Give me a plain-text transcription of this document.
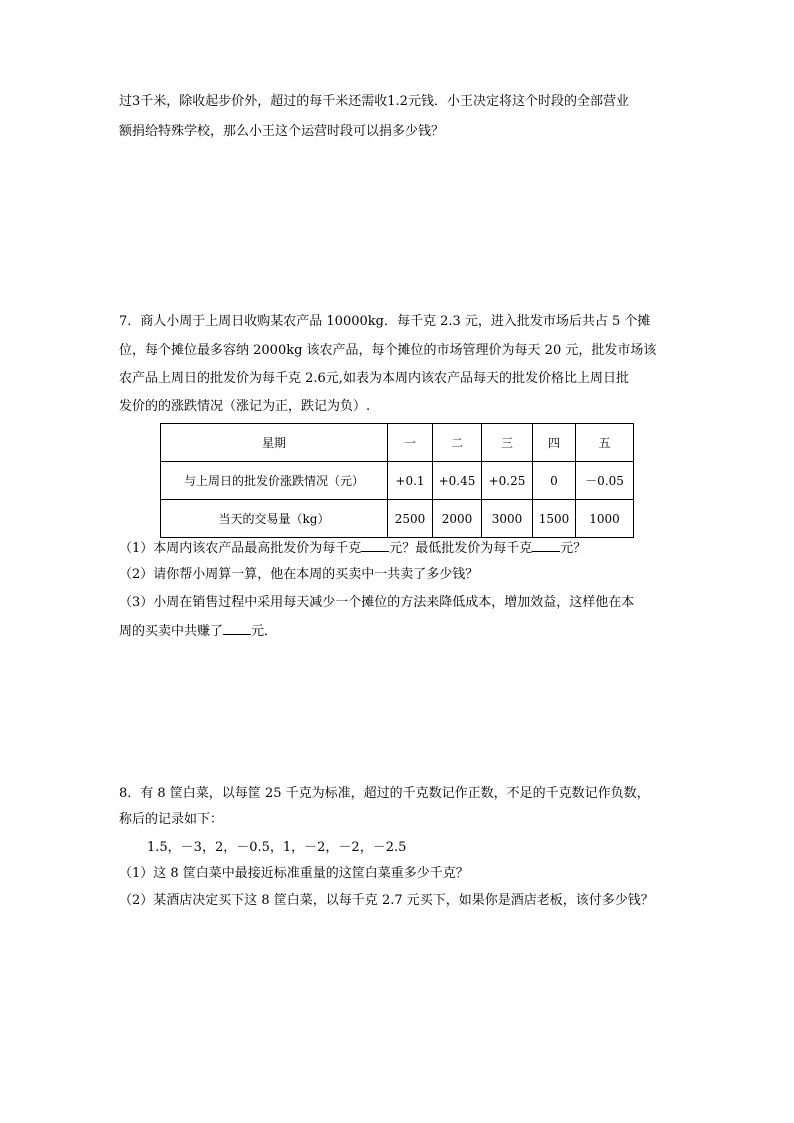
过3千米，除收起步价外，超过的每千米还需收1.2元钱．小王决定将这个时段的全部营业
额捐给特殊学校，那么小王这个运营时段可以捐多少钱？
7．商人小周于上周日收购某农产品 10000kg．每千克 2.3 元，进入批发市场后共占 5 个摊
位，每个摊位最多容纳 2000kg 该农产品，每个摊位的市场管理价为每天 20 元，批发市场该
农产品上周日的批发价为每千克 2.6元,如表为本周内该农产品每天的批发价格比上周日批
发价的的涨跌情况（涨记为正，跌记为负）.
星期	一	二	三	四	五
与上周日的批发价涨跌情况（元）	+0.1	+0.45	+0.25	0	－0.05
当天的交易量（kg）	2500	2000	3000	1500	1000
（1）本周内该农产品最高批发价为每千克 元？最低批发价为每千克 元？
（2）请你帮小周算一算，他在本周的买卖中一共卖了多少钱？
（3）小周在销售过程中采用每天减少一个摊位的方法来降低成本，增加效益，这样他在本
周的买卖中共赚了 元．
8．有 8 筐白菜，以每筐 25 千克为标准，超过的千克数记作正数，不足的千克数记作负数，
称后的记录如下：
1.5，－3，2，－0.5，1，－2，－2，－2.5
（1）这 8 筐白菜中最接近标准重量的这筐白菜重多少千克？
（2）某酒店决定买下这 8 筐白菜，以每千克 2.7 元买下，如果你是酒店老板，该付多少钱？
